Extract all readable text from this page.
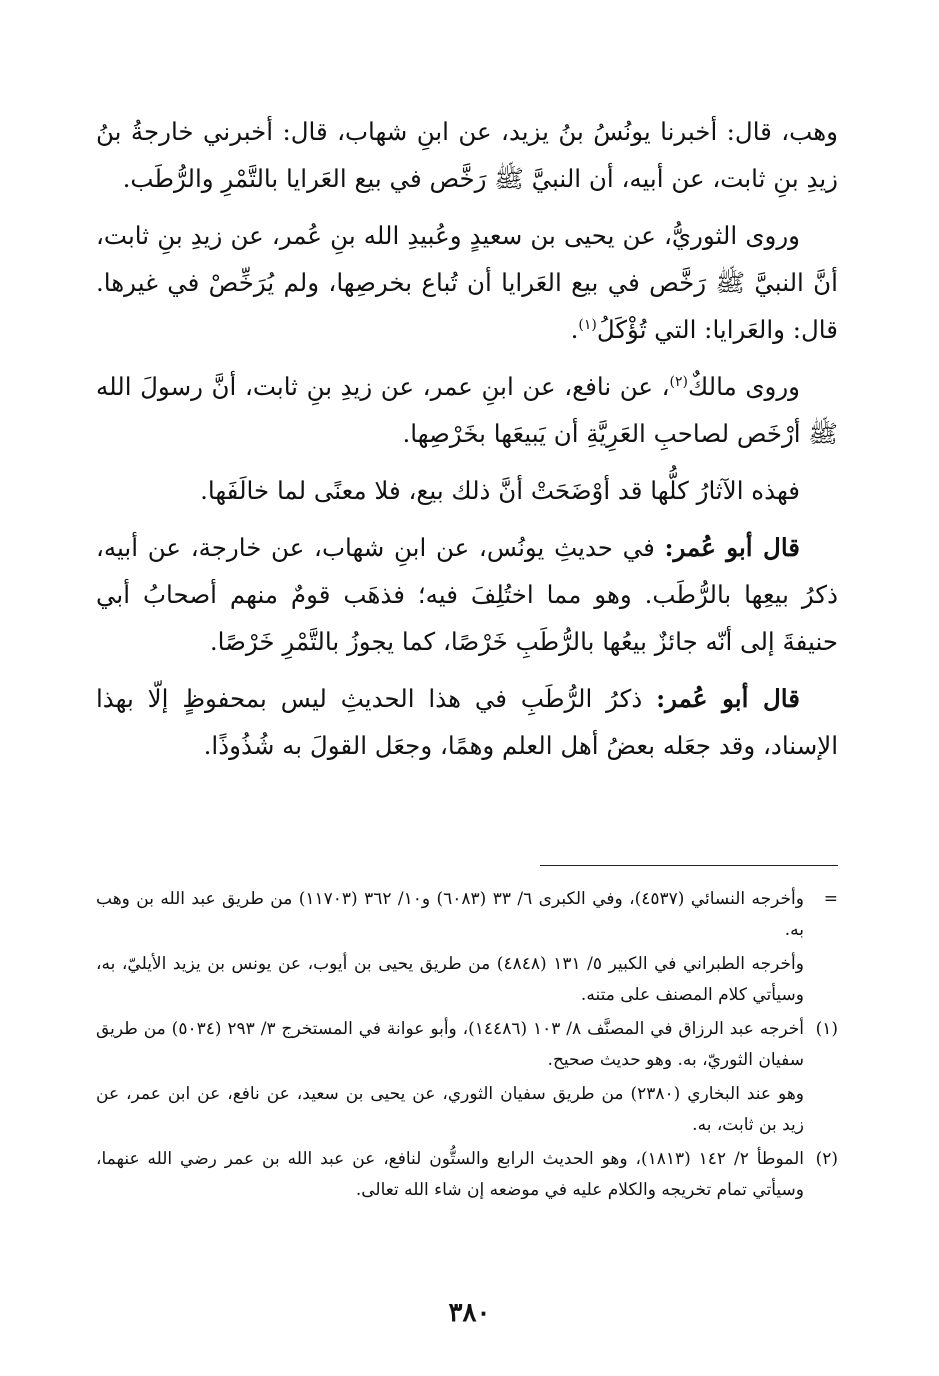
وهب، قال: أخبرنا يونُسُ بنُ يزيد، عن ابنِ شهاب، قال: أخبرني خارجةُ بنُ زيدِ بنِ ثابت، عن أبيه، أن النبيَّ ﷺ رَخَّص في بيع العَرايا بالتَّمْرِ والرُّطَب.

وروى الثوريُّ، عن يحيى بن سعيدٍ وعُبيدِ الله بنِ عُمر، عن زيدِ بنِ ثابت، أنَّ النبيَّ ﷺ رَخَّص في بيع العَرايا أن تُباع بخرصِها، ولم يُرَخِّصْ في غيرها. قال: والعَرايا: التي تُؤْكَلُ$^{(١)}$.

وروى مالكٌ$^{(٢)}$، عن نافع، عن ابنِ عمر، عن زيدِ بنِ ثابت، أنَّ رسولَ الله ﷺ أرْخَص لصاحبِ العَرِيَّةِ أن يَبيعَها بخَرْصِها.

فهذه الآثارُ كلُّها قد أوْضَحَتْ أنَّ ذلك بيع، فلا معنًى لما خالَفَها.

قال أبو عُمر: في حديثِ يونُس، عن ابنِ شهاب، عن خارجة، عن أبيه، ذكرُ بيعِها بالرُّطَب. وهو مما اختُلِفَ فيه؛ فذهَب قومٌ منهم أصحابُ أبي حنيفةَ إلى أنّه جائزٌ بيعُها بالرُّطَبِ خَرْصًا، كما يجوزُ بالتَّمْرِ خَرْصًا.

قال أبو عُمر: ذكرُ الرُّطَبِ في هذا الحديثِ ليس بمحفوظٍ إلّا بهذا الإسناد، وقد جعَله بعضُ أهل العلم وهمًا، وجعَل القولَ به شُذُوذًا.

=
وأخرجه النسائي (٤٥٣٧)، وفي الكبرى ٦/ ٣٣ (٦٠٨٣) و١٠/ ٣٦٢ (١١٧٠٣) من طريق عبد الله بن وهب به.
وأخرجه الطبراني في الكبير ٥/ ١٣١ (٤٨٤٨) من طريق يحيى بن أيوب، عن يونس بن يزيد الأيليّ، به، وسيأتي كلام المصنف على متنه.
(١)
أخرجه عبد الرزاق في المصنَّف ٨/ ١٠٣ (١٤٤٨٦)، وأبو عوانة في المستخرج ٣/ ٢٩٣ (٥٠٣٤) من طريق سفيان الثوريّ، به. وهو حديث صحيح.
وهو عند البخاري (٢٣٨٠) من طريق سفيان الثوري، عن يحيى بن سعيد، عن نافع، عن ابن عمر، عن زيد بن ثابت، به.
(٢)
الموطأ ٢/ ١٤٢ (١٨١٣)، وهو الحديث الرابع والستُّون لنافع، عن عبد الله بن عمر رضي الله عنهما، وسيأتي تمام تخريجه والكلام عليه في موضعه إن شاء الله تعالى.
٣٨٠
